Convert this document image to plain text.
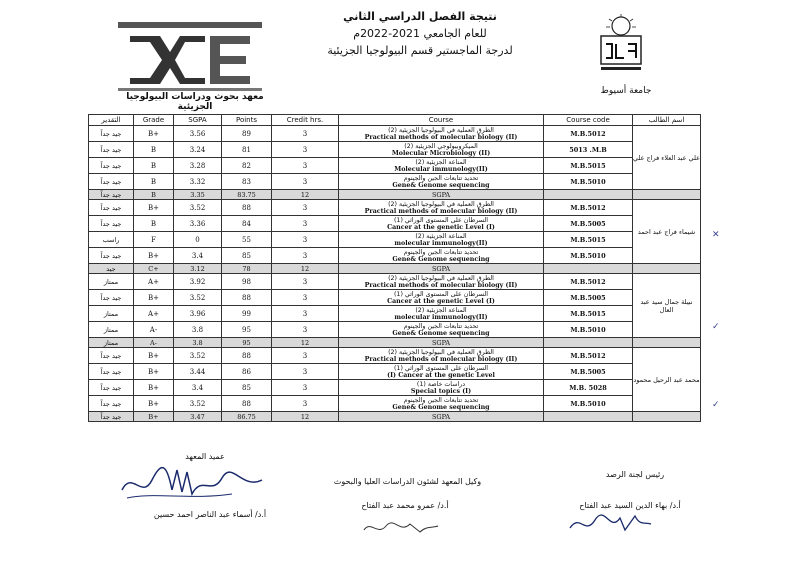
نتيجة الفصل الدراسي الثاني
للعام الجامعي 2021-2022م
لدرجة الماجستير قسم البيولوجيا الجزيئية
معهد بحوث ودراسات البيولوجيا الجزيئية
جامعة أسيوط
التقدير	Grade	SGPA	Points	Credit hrs.	Course	Course code	اسم الطالب
جيد جداً	B+	3.56	89	3	الطرق العملية في البيولوجيا الجزيئية (2)
Practical methods of molecular biology (II)	M.B.5012	علي عبد العلاء فراج علي
جيد جداً	B	3.24	81	3	الميكروبيولوجي الجزيئية (2)
Molecular Microbiology (II)	5013 .M.B	
جيد جداً	B	3.28	82	3	المناعة الجزيئية (2)
Molecular immunology(II)	M.B.5015	
جيد جداً	B	3.32	83	3	تحديد تتابعات الجين والجينوم
Gene& Genome sequencing	M.B.5010	
جيد جداً	B	3.35	83.75	12	SGPA		
جيد جداً	B+	3.52	88	3	الطرق العملية في البيولوجيا الجزيئية (2)
Practical methods of molecular biology (II)	M.B.5012	شيماء فراج عبد احمد
جيد جداً	B	3.36	84	3	السرطان على المستوى الوراثي (1)
Cancer at the genetic Level (I)	M.B.5005	
راسب	F	0	55	3	المناعة الجزيئية (2)
molecular immunology(II)	M.B.5015	
جيد جداً	B+	3.4	85	3	تحديد تتابعات الجين والجينوم
Gene& Genome sequencing	M.B.5010	
جيد	C+	3.12	78	12	SGPA		
ممتاز	A+	3.92	98	3	الطرق العملية في البيولوجيا الجزيئية (2)
Practical methods of molecular biology (II)	M.B.5012	نبيلة جمال سيد عبد العال
جيد جداً	B+	3.52	88	3	السرطان على المستوى الوراثي (1)
Cancer at the genetic Level (I)	M.B.5005	
ممتاز	A+	3.96	99	3	المناعة الجزيئية (2)
molecular immunology(II)	M.B.5015	
ممتاز	A-	3.8	95	3	تحديد تتابعات الجين والجينوم
Gene& Genome sequencing	M.B.5010	
ممتاز	A-	3.8	95	12	SGPA		
جيد جداً	B+	3.52	88	3	الطرق العملية في البيولوجيا الجزيئية (2)
Practical methods of molecular biology (II)	M.B.5012	محمد عبد الرحيل محمود
جيد جداً	B+	3.44	86	3	السرطان على المستوى الوراثي (1)
(I) Cancer at the genetic Level	M.B.5005	
جيد جداً	B+	3.4	85	3	دراسات خاصة (1)
Special topics (I)	M.B. 5028	
جيد جداً	B+	3.52	88	3	تحديد تتابعات الجين والجينوم
Gene& Genome sequencing	M.B.5010	
جيد جداً	B+	3.47	86.75	12	SGPA		
✕
✓
✓
رئيس لجنة الرصد
أ.د/ بهاء الدين السيد عبد الفتاح
وكيل المعهد لشئون الدراسات العليا والبحوث
أ.د/ عمرو محمد عبد الفتاح
عميد المعهد
أ.د/ أسماء عبد الناصر احمد حسين
